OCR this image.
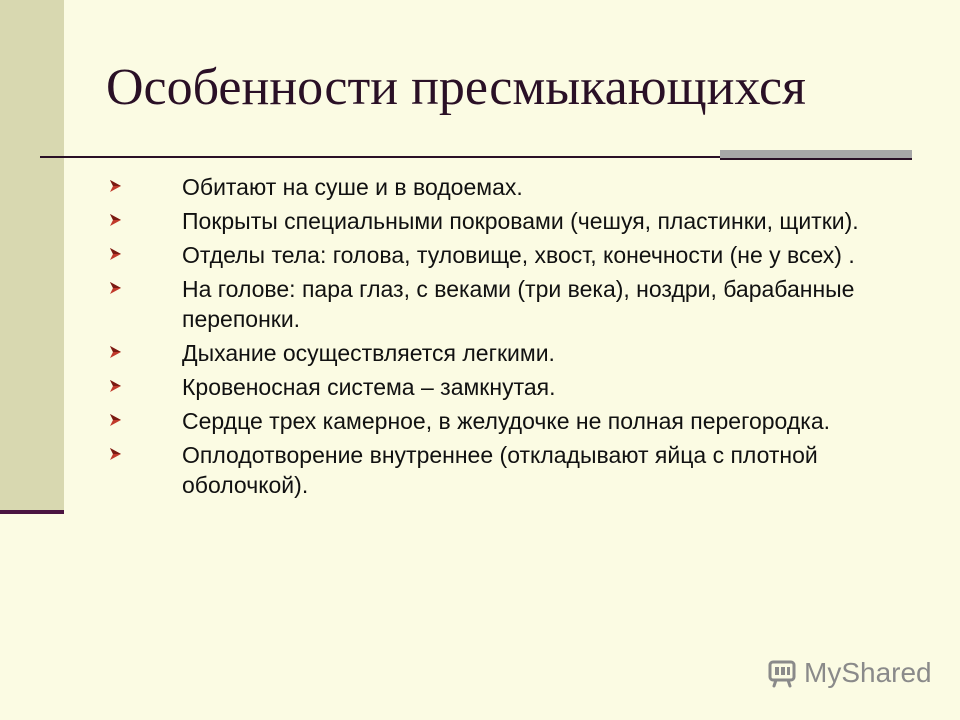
Особенности пресмыкающихся
Обитают на суше и в водоемах.
Покрыты специальными покровами (чешуя, пластинки, щитки).
Отделы тела: голова, туловище, хвост, конечности (не у всех) .
На голове: пара глаз, с веками (три века), ноздри, барабанные перепонки.
Дыхание осуществляется легкими.
Кровеносная система – замкнутая.
Сердце трех камерное, в желудочке не полная перегородка.
Оплодотворение внутреннее (откладывают яйца с плотной оболочкой).
MyShared
